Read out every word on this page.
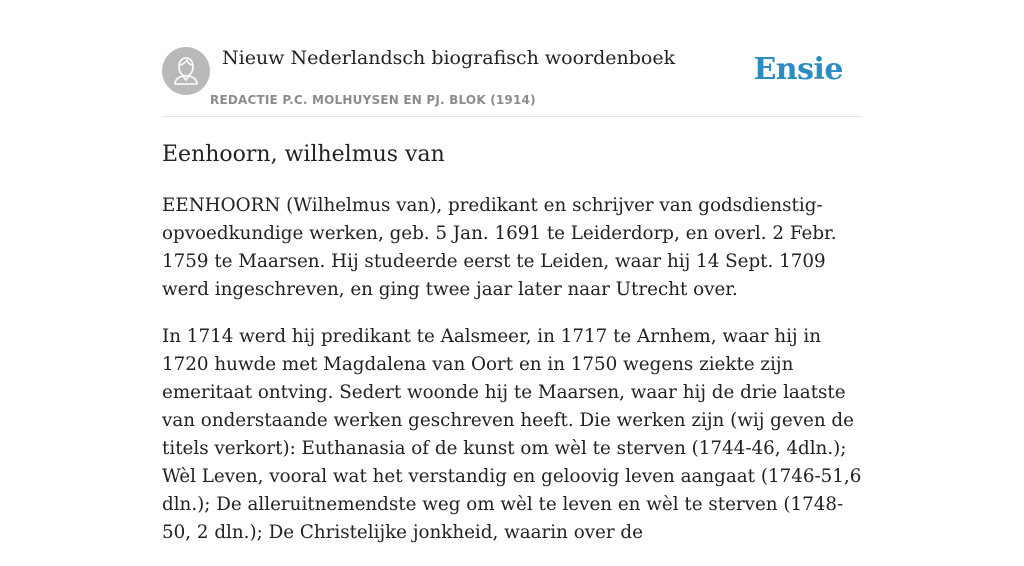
Nieuw Nederlandsch biografisch woordenboek
REDACTIE P.C. MOLHUYSEN EN PJ. BLOK (1914)
Ensie
Eenhoorn, wilhelmus van

EENHOORN (Wilhelmus van), predikant en schrijver van godsdienstig-opvoedkundige werken, geb. 5 Jan. 1691 te Leiderdorp, en overl. 2 Febr. 1759 te Maarsen. Hij studeerde eerst te Leiden, waar hij 14 Sept. 1709 werd ingeschreven, en ging twee jaar later naar Utrecht over.

In 1714 werd hij predikant te Aalsmeer, in 1717 te Arnhem, waar hij in 1720 huwde met Magdalena van Oort en in 1750 wegens ziekte zijn emeritaat ontving. Sedert woonde hij te Maarsen, waar hij de drie laatste van onderstaande werken geschreven heeft. Die werken zijn (wij geven de titels verkort): Euthanasia of de kunst om wèl te sterven (1744-46, 4dln.); Wèl Leven, vooral wat het verstandig en geloovig leven aangaat (1746-51,6 dln.); De alleruitnemendste weg om wèl te leven en wèl te sterven (1748-50, 2 dln.); De Christelijke jonkheid, waarin over de
